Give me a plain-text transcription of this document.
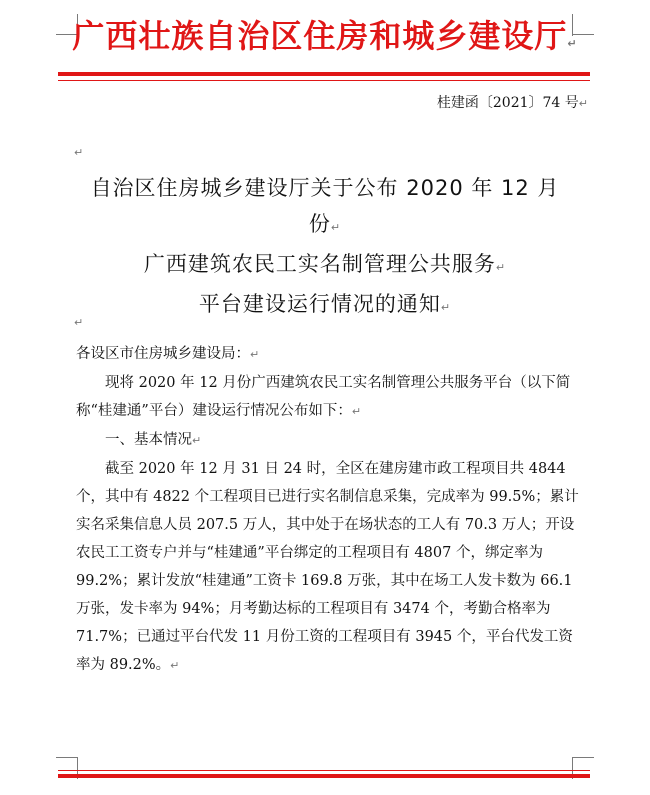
广西壮族自治区住房和城乡建设厅↵
桂建函〔2021〕74 号↵
↵
自治区住房城乡建设厅关于公布 2020 年 12 月
份↵
广西建筑农民工实名制管理公共服务↵
平台建设运行情况的通知↵
↵

各设区市住房城乡建设局：↵

现将 2020 年 12 月份广西建筑农民工实名制管理公共服务平台（以下简称“桂建通”平台）建设运行情况公布如下：↵

一、基本情况↵

截至 2020 年 12 月 31 日 24 时，全区在建房建市政工程项目共 4844 个，其中有 4822 个工程项目已进行实名制信息采集，完成率为 99.5%；累计实名采集信息人员 207.5 万人，其中处于在场状态的工人有 70.3 万人；开设农民工工资专户并与“桂建通”平台绑定的工程项目有 4807 个，绑定率为 99.2%；累计发放“桂建通”工资卡 169.8 万张，其中在场工人发卡数为 66.1 万张，发卡率为 94%；月考勤达标的工程项目有 3474 个，考勤合格率为 71.7%；已通过平台代发 11 月份工资的工程项目有 3945 个，平台代发工资率为 89.2%。↵
